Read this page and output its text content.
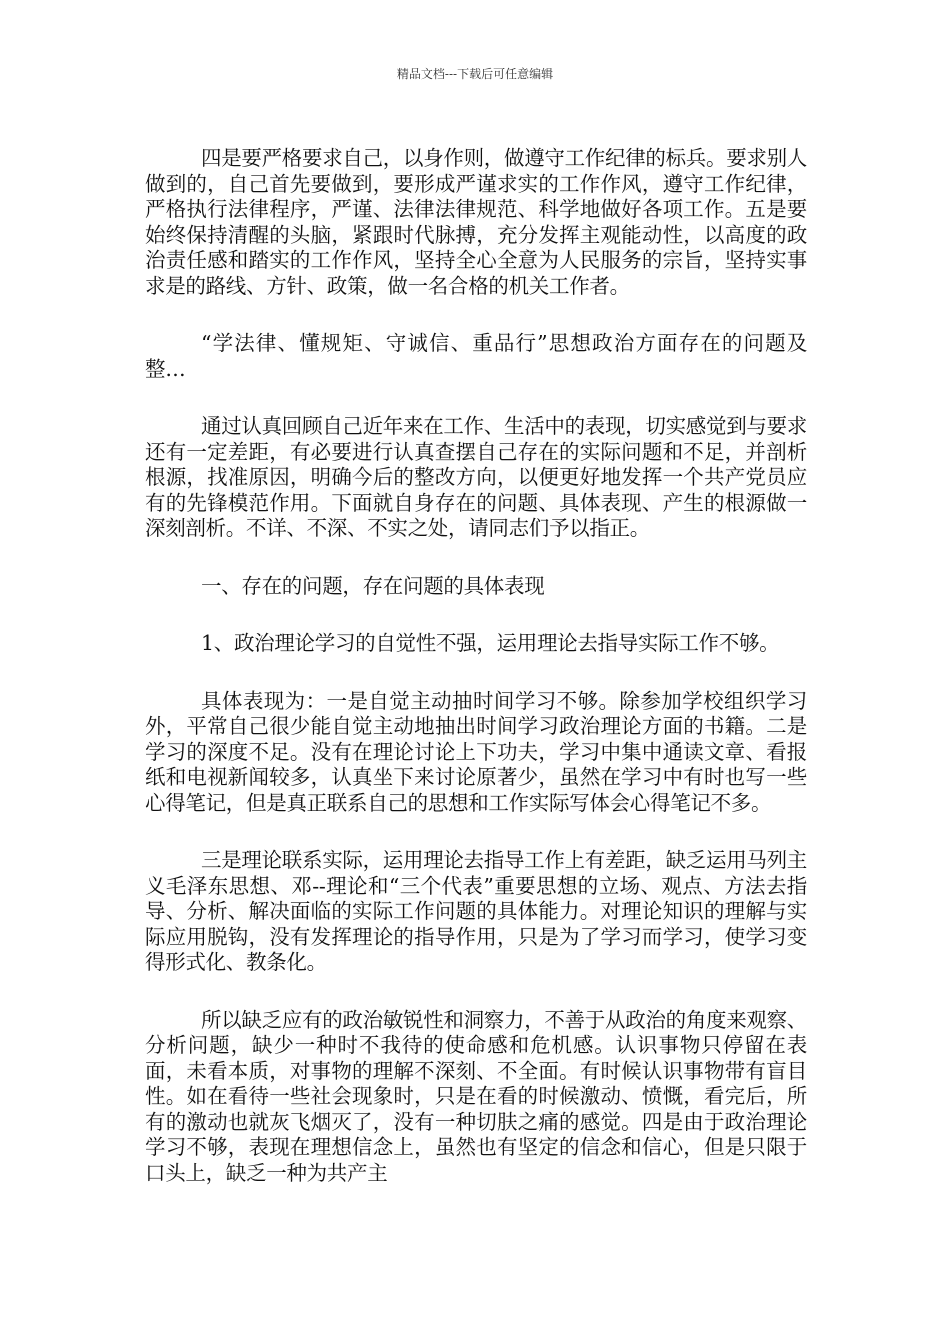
精品文档---下载后可任意编辑

四是要严格要求自己，以身作则，做遵守工作纪律的标兵。要求别人做到的，自己首先要做到，要形成严谨求实的工作作风，遵守工作纪律，严格执行法律程序，严谨、法律法律规范、科学地做好各项工作。五是要始终保持清醒的头脑，紧跟时代脉搏，充分发挥主观能动性，以高度的政治责任感和踏实的工作作风，坚持全心全意为人民服务的宗旨，坚持实事求是的路线、方针、政策，做一名合格的机关工作者。

“学法律、懂规矩、守诚信、重品行”思想政治方面存在的问题及整…

通过认真回顾自己近年来在工作、生活中的表现，切实感觉到与要求还有一定差距，有必要进行认真查摆自己存在的实际问题和不足，并剖析根源，找准原因，明确今后的整改方向，以便更好地发挥一个共产党员应有的先锋模范作用。下面就自身存在的问题、具体表现、产生的根源做一深刻剖析。不详、不深、不实之处，请同志们予以指正。

一、存在的问题，存在问题的具体表现

1、政治理论学习的自觉性不强，运用理论去指导实际工作不够。

具体表现为：一是自觉主动抽时间学习不够。除参加学校组织学习外，平常自己很少能自觉主动地抽出时间学习政治理论方面的书籍。二是学习的深度不足。没有在理论讨论上下功夫，学习中集中通读文章、看报纸和电视新闻较多，认真坐下来讨论原著少，虽然在学习中有时也写一些心得笔记，但是真正联系自己的思想和工作实际写体会心得笔记不多。

三是理论联系实际，运用理论去指导工作上有差距，缺乏运用马列主义毛泽东思想、邓--理论和“三个代表”重要思想的立场、观点、方法去指导、分析、解决面临的实际工作问题的具体能力。对理论知识的理解与实际应用脱钩，没有发挥理论的指导作用，只是为了学习而学习，使学习变得形式化、教条化。

所以缺乏应有的政治敏锐性和洞察力，不善于从政治的角度来观察、分析问题，缺少一种时不我待的使命感和危机感。认识事物只停留在表面，未看本质，对事物的理解不深刻、不全面。有时候认识事物带有盲目性。如在看待一些社会现象时，只是在看的时候激动、愤慨，看完后，所有的激动也就灰飞烟灭了，没有一种切肤之痛的感觉。四是由于政治理论学习不够，表现在理想信念上，虽然也有坚定的信念和信心，但是只限于口头上，缺乏一种为共产主
